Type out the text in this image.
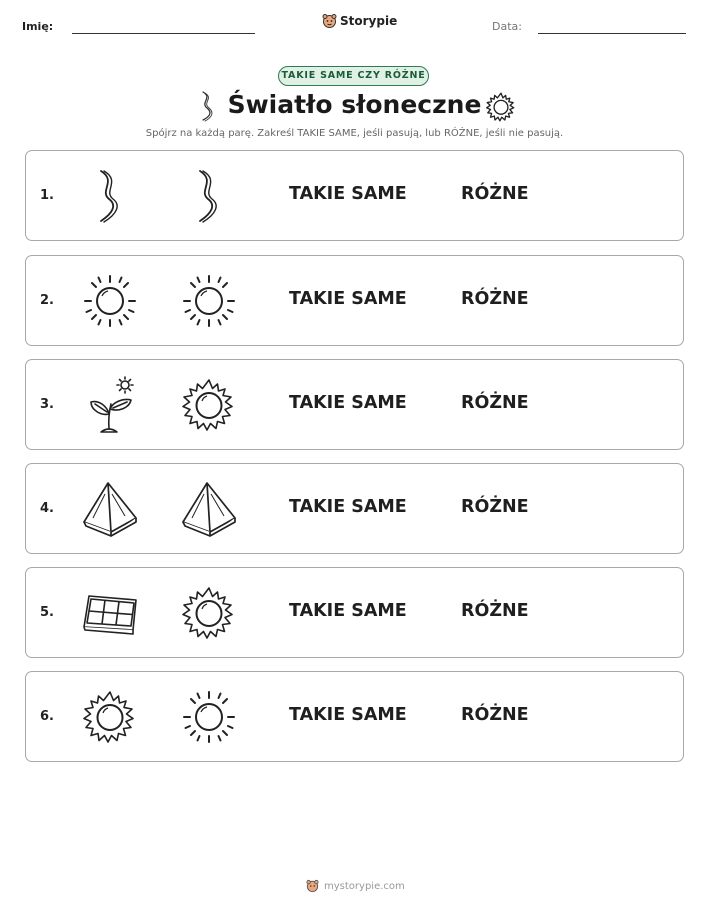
Imię:	Storypie	Data:
TAKIE SAME CZY RÓŻNE
Światło słoneczne
Spójrz na każdą parę. Zakreśl TAKIE SAME, jeśli pasują, lub RÓŻNE, jeśli nie pasują.
1.	TAKIE SAME	RÓŻNE
2.	TAKIE SAME	RÓŻNE
3.	TAKIE SAME	RÓŻNE
4.	TAKIE SAME	RÓŻNE
5.	TAKIE SAME	RÓŻNE
6.	TAKIE SAME	RÓŻNE
mystorypie.com
